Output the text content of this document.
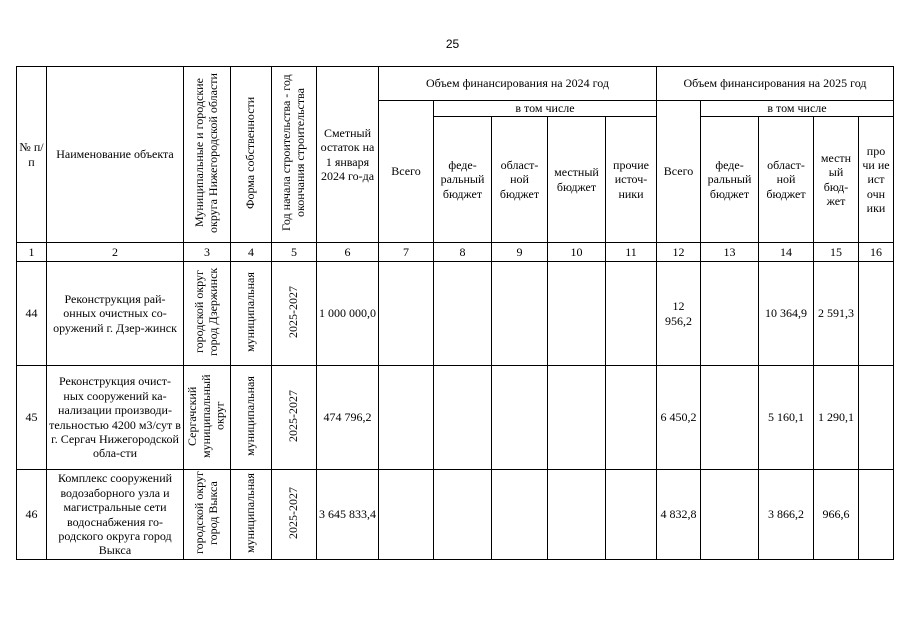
25
№ п/п	Наименование объекта	Муниципальные и городские округа Нижегородской области	Форма собственности	Год начала строительства - год окончания строительства	Сметный остаток на 1 января 2024 го-да	Объем финансирования на 2024 год					Объем финансирования на 2025 год				
						Всего	в том числе				Всего	в том числе			
							феде-ральный бюджет	област-ной бюджет	местный бюджет	прочие источ-ники		феде-ральный бюджет	област-ной бюджет	местн ый бюд-жет	про чи ие ист очн ики
1	2	3	4	5	6	7	8	9	10	11	12	13	14	15	16
44	Реконструкция рай-онных очистных со-оружений г. Дзер-жинск	городской округ город Дзержинск	муниципальная	2025-2027	1 000 000,0						12 956,2		10 364,9	2 591,3	
45	Реконструкция очист-ных сооружений ка-нализации производи-тельностью 4200 м3/сут в г. Сергач Нижегородской обла-сти	Сергачский муниципальный округ	муниципальная	2025-2027	474 796,2						6 450,2		5 160,1	1 290,1	
46	Комплекс сооружений водозаборного узла и магистральные сети водоснабжения го-родского округа город Выкса	городской округ город Выкса	муниципальная	2025-2027	3 645 833,4						4 832,8		3 866,2	966,6	
